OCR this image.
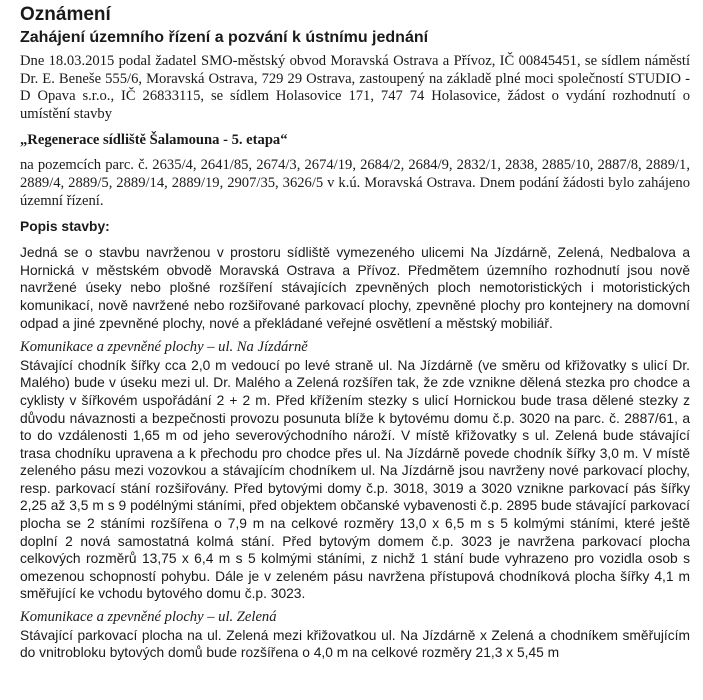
Oznámení
Zahájení územního řízení a pozvání k ústnímu jednání

Dne 18.03.2015 podal žadatel SMO-městský obvod Moravská Ostrava a Přívoz, IČ 00845451, se sídlem náměstí Dr. E. Beneše 555/6, Moravská Ostrava, 729 29 Ostrava, zastoupený na základě plné moci společností STUDIO - D Opava s.r.o., IČ 26833115, se sídlem Holasovice 171, 747 74 Holasovice, žádost o vydání rozhodnutí o umístění stavby

„Regenerace sídliště Šalamouna - 5. etapa“

na pozemcích parc. č. 2635/4, 2641/85, 2674/3, 2674/19, 2684/2, 2684/9, 2832/1, 2838, 2885/10, 2887/8, 2889/1, 2889/4, 2889/5, 2889/14, 2889/19, 2907/35, 3626/5 v k.ú. Moravská Ostrava. Dnem podání žádosti bylo zahájeno územní řízení.

Popis stavby:

Jedná se o stavbu navrženou v prostoru sídliště vymezeného ulicemi Na Jízdárně, Zelená, Nedbalova a Hornická v městském obvodě Moravská Ostrava a Přívoz. Předmětem územního rozhodnutí jsou nově navržené úseky nebo plošné rozšíření stávajících zpevněných ploch nemotoristických i motoristických komunikací, nově navržené nebo rozšiřované parkovací plochy, zpevněné plochy pro kontejnery na domovní odpad a jiné zpevněné plochy, nové a překládané veřejné osvětlení a městský mobiliář.

Komunikace a zpevněné plochy – ul. Na Jízdárně

Stávající chodník šířky cca 2,0 m vedoucí po levé straně ul. Na Jízdárně (ve směru od křižovatky s ulicí Dr. Malého) bude v úseku mezi ul. Dr. Malého a Zelená rozšířen tak, že zde vznikne dělená stezka pro chodce a cyklisty v šířkovém uspořádání 2 + 2 m. Před křížením stezky s ulicí Hornickou bude trasa dělené stezky z důvodu návaznosti a bezpečnosti provozu posunuta blíže k bytovému domu č.p. 3020 na parc. č. 2887/61, a to do vzdálenosti 1,65 m od jeho severovýchodního nároží. V místě křižovatky s ul. Zelená bude stávající trasa chodníku upravena a k přechodu pro chodce přes ul. Na Jízdárně povede chodník šířky 3,0 m. V místě zeleného pásu mezi vozovkou a stávajícím chodníkem ul. Na Jízdárně jsou navrženy nové parkovací plochy, resp. parkovací stání rozšiřovány. Před bytovými domy č.p. 3018, 3019 a 3020 vznikne parkovací pás šířky 2,25 až 3,5 m s 9 podélnými stáními, před objektem občanské vybavenosti č.p. 2895 bude stávající parkovací plocha se 2 stáními rozšířena o 7,9 m na celkové rozměry 13,0 x 6,5 m s 5 kolmými stáními, které ještě doplní 2 nová samostatná kolmá stání. Před bytovým domem č.p. 3023 je navržena parkovací plocha celkových rozměrů 13,75 x 6,4 m s 5 kolmými stáními, z nichž 1 stání bude vyhrazeno pro vozidla osob s omezenou schopností pohybu. Dále je v zeleném pásu navržena přístupová chodníková plocha šířky 4,1 m směřující ke vchodu bytového domu č.p. 3023.

Komunikace a zpevněné plochy – ul. Zelená

Stávající parkovací plocha na ul. Zelená mezi křižovatkou ul. Na Jízdárně x Zelená a chodníkem směřujícím do vnitrobloku bytových domů bude rozšířena o 4,0 m na celkové rozměry 21,3 x 5,45 m
